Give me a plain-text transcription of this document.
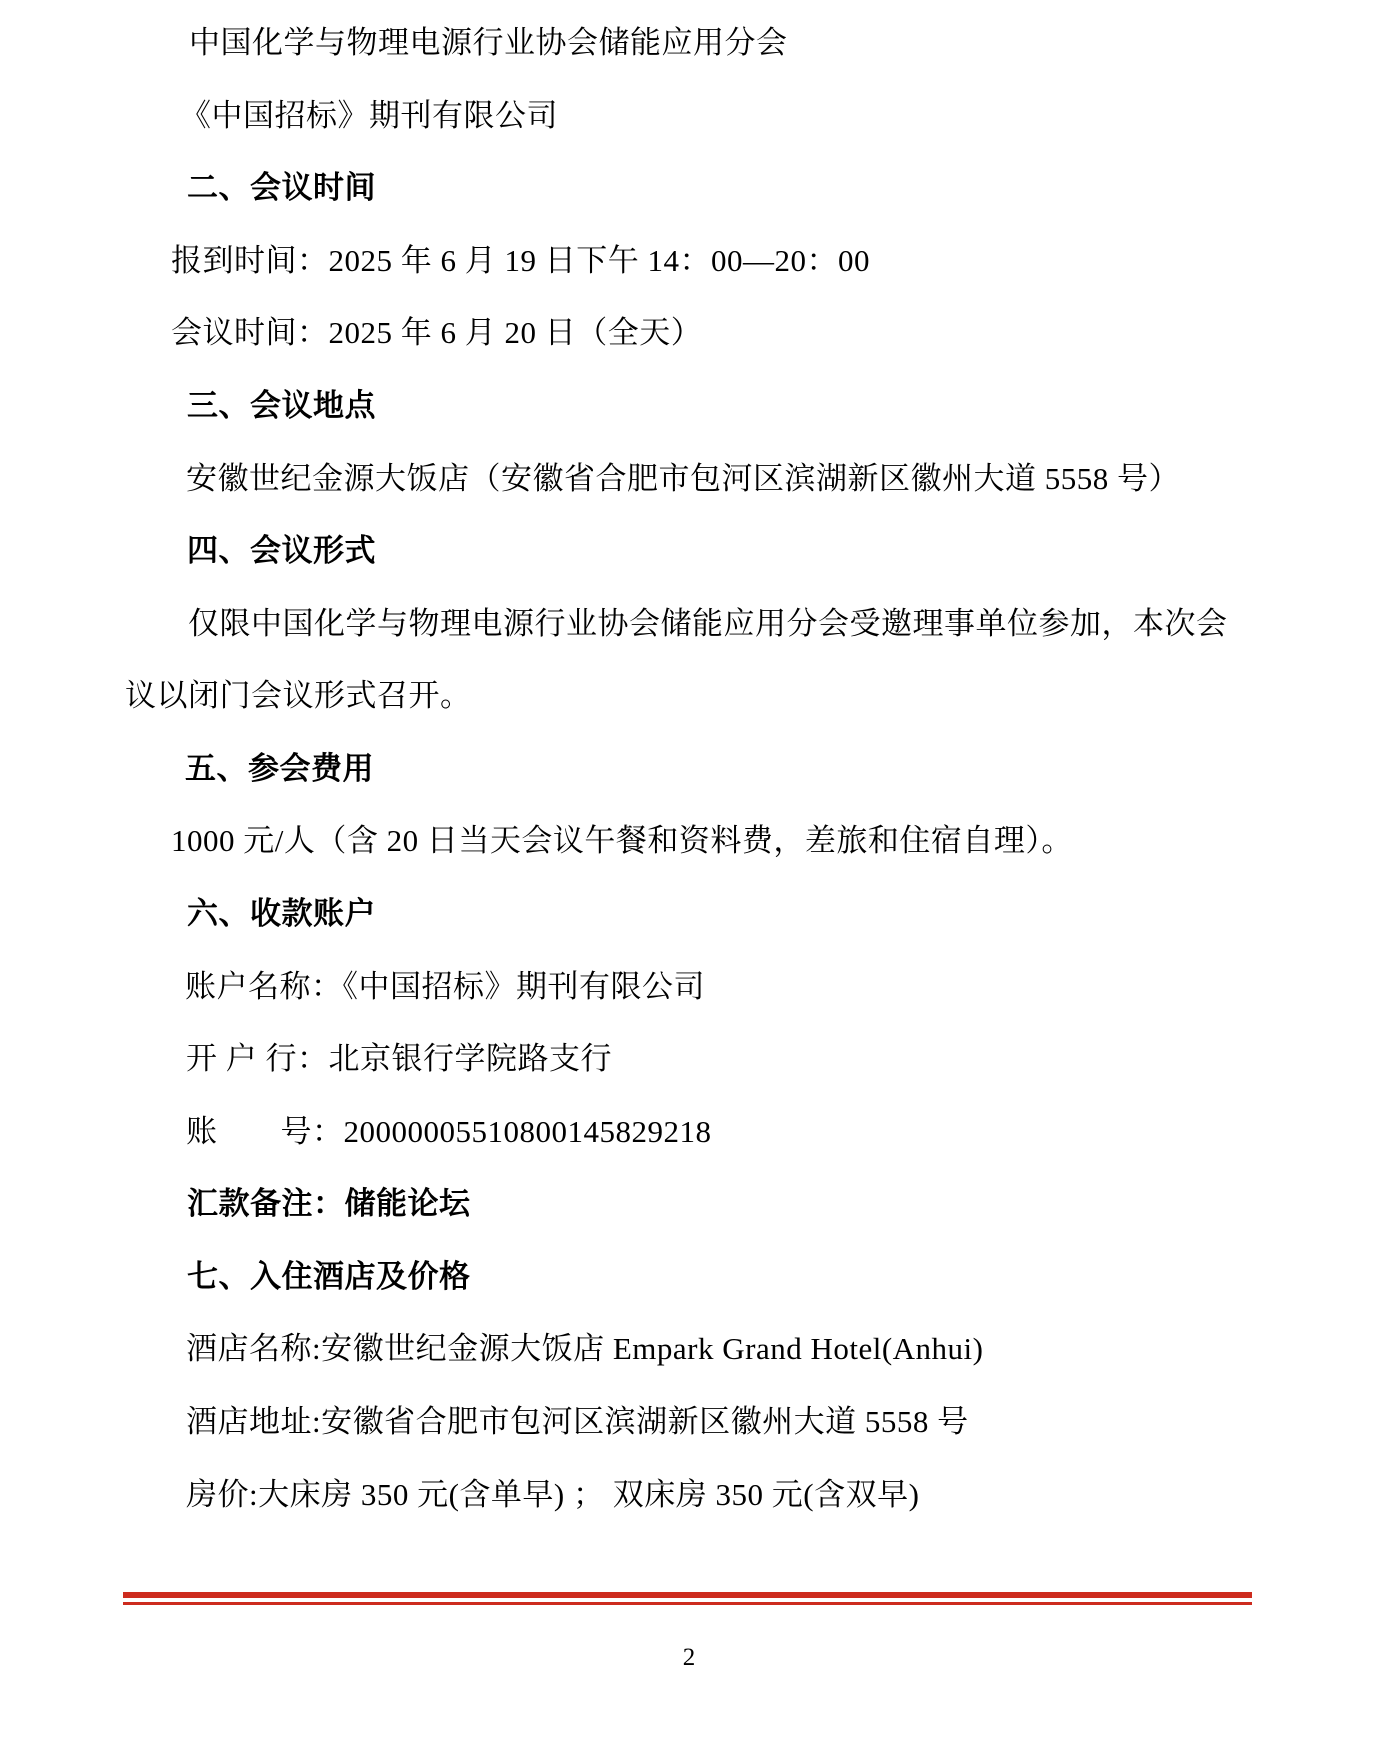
中国化学与物理电源行业协会储能应用分会
《中国招标》期刊有限公司
二、会议时间
报到时间：2025 年 6 月 19 日下午 14：00—20：00
会议时间：2025 年 6 月 20 日（全天）
三、会议地点
安徽世纪金源大饭店（安徽省合肥市包河区滨湖新区徽州大道 5558 号）
四、会议形式
仅限中国化学与物理电源行业协会储能应用分会受邀理事单位参加，本次会
议以闭门会议形式召开。
五、参会费用
1000 元/人（含 20 日当天会议午餐和资料费，差旅和住宿自理）。
六、收款账户
账户名称：《中国招标》期刊有限公司
开 户 行：北京银行学院路支行
账　　号：20000005510800145829218
汇款备注：储能论坛
七、入住酒店及价格
酒店名称:安徽世纪金源大饭店 Empark Grand Hotel(Anhui)
酒店地址:安徽省合肥市包河区滨湖新区徽州大道 5558 号
房价:大床房 350 元(含单早) ； 双床房 350 元(含双早)
2
